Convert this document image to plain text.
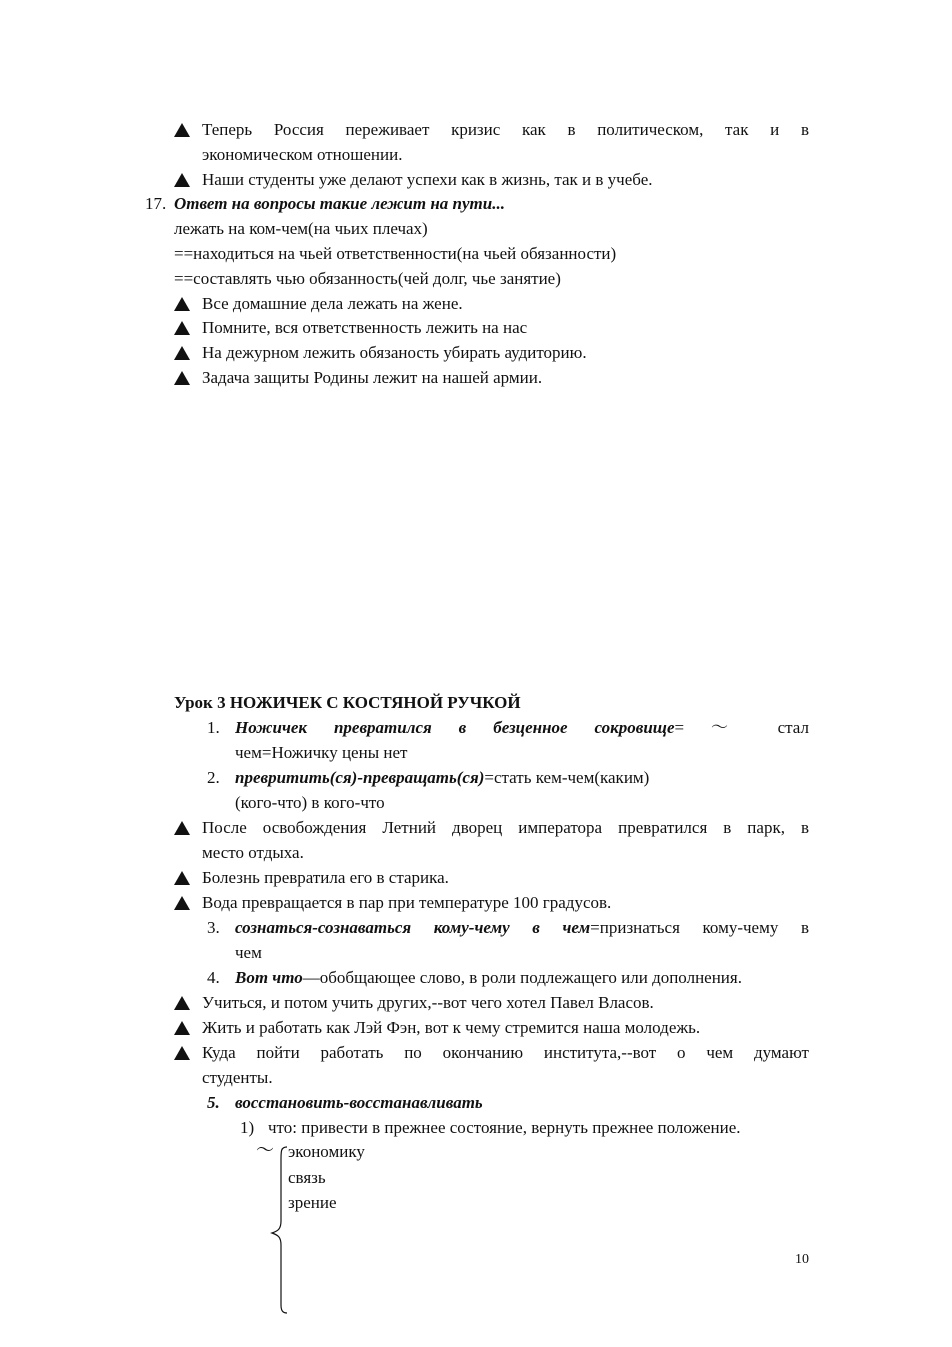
Теперь Россия переживает кризис как в политическом, так и в
экономическом отношении.
Наши студенты уже делают успехи как в жизнь, так и в учебе.
17. Ответ на вопросы такие лежит на пути...
лежать на ком-чем(на чьих плечах)
==находиться на чьей ответственности(на чьей обязанности)
==составлять чью обязанность(чей долг, чье занятие)
Все домашние дела лежать на жене.
Помните, вся ответственность лежить на нас
На дежурном лежить обязаность убирать аудиторию.
Задача защиты Родины лежит на нашей армии.
Урок 3 НОЖИЧЕК С КОСТЯНОЙ РУЧКОЙ
1. Ножичек превратился в безценное сокровище= ～ стал
чем=Ножичку цены нет
2. превритить(ся)-превращать(ся)=стать кем-чем(каким)
(кого-что) в кого-что
После освобождения Летний дворец императора превратился в парк, в
место отдыха.
Болезнь превратила его в старика.
Вода превращается в пар при температуре 100 градусов.
3. сознаться-сознаваться кому-чему в чем=признаться кому-чему в
чем
4. Вот что—обобщающее слово, в роли подлежащего или дополнения.
Учиться, и потом учить других,--вот чего хотел Павел Власов.
Жить и работать как Лэй Фэн, вот к чему стремится наша молодежь.
Куда пойти работать по окончанию института,--вот о чем думают
студенты.
5. восстановить-восстанавливать
1) что: привести в прежнее состояние, вернуть прежнее положение.
～ экономику
связь
зрение
10
